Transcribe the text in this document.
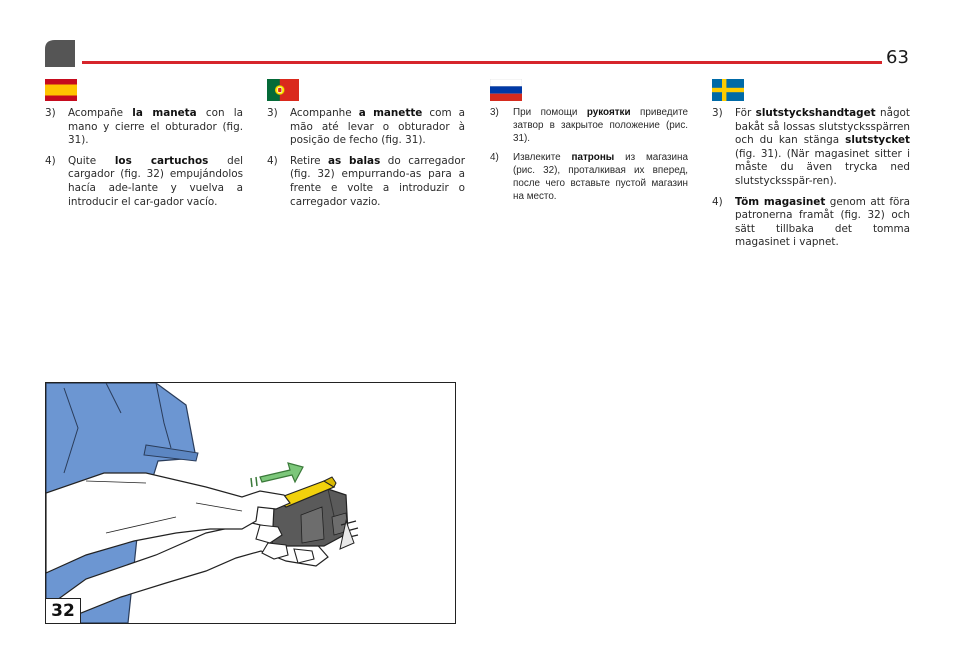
63

3) Acompañe la maneta con la mano y cierre el obturador (fig. 31).

4) Quite los cartuchos del cargador (fig. 32) empujándolos hacía ade-lante y vuelva a introducir el car-gador vacío.

3) Acompanhe a manette com a mão até levar o obturador à posição de fecho (fig. 31).

4) Retire as balas do carregador (fig. 32) empurrando-as para a frente e volte a introduzir o carregador vazio.

3) При помощи рукоятки приведите затвор в закрытое положение (рис. 31).

4) Извлеките патроны из магазина (рис. 32), проталкивая их вперед, после чего вставьте пустой магазин на место.

3) För slutstyckshandtaget något bakåt så lossas slutstycksspärren och du kan stänga slutstycket (fig. 31). (När magasinet sitter i måste du även trycka ned slutstycksspär-ren).

4) Töm magasinet genom att föra patronerna framåt (fig. 32) och sätt tillbaka det tomma magasinet i vapnet.

32
